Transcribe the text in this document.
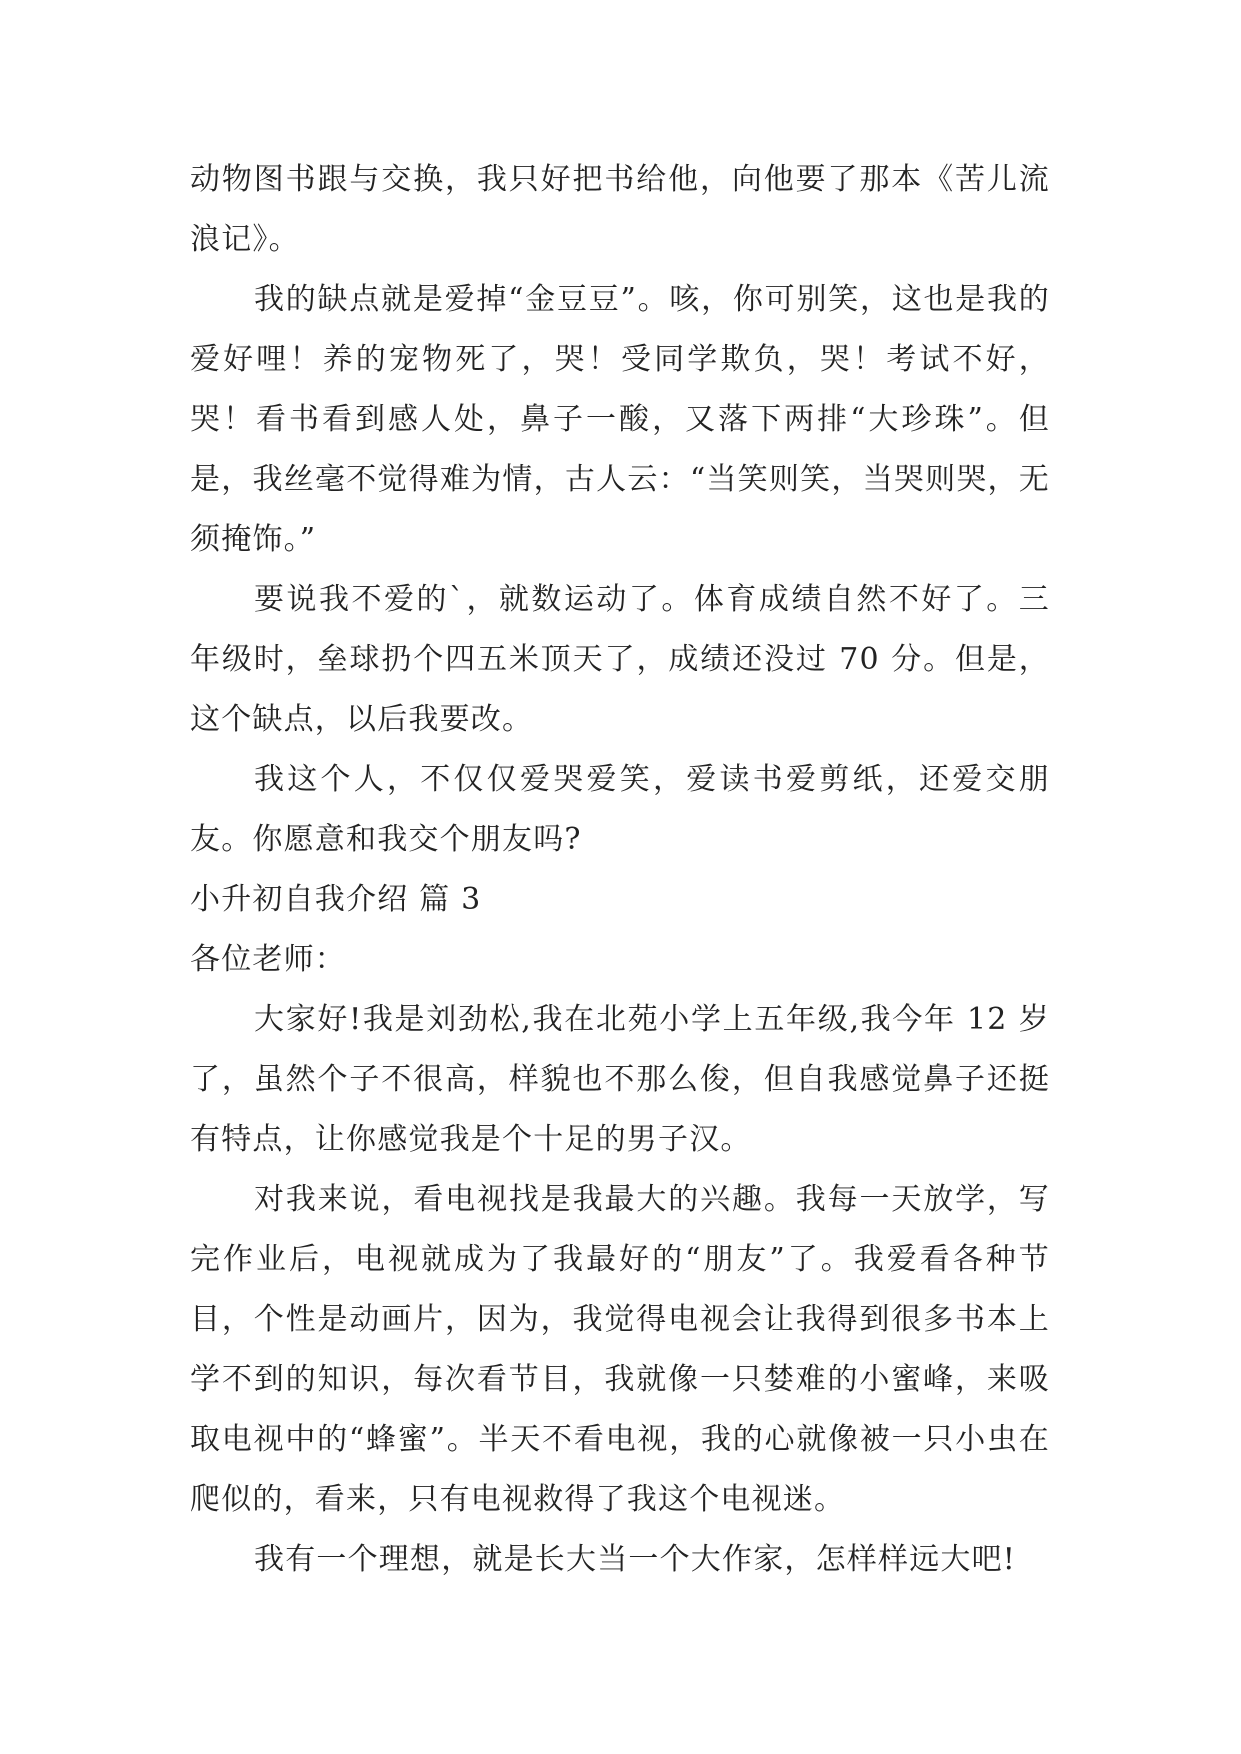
动物图书跟与交换，我只好把书给他，向他要了那本《苦儿流浪记》。

我的缺点就是爱掉“金豆豆”。咳，你可别笑，这也是我的爱好哩！养的宠物死了，哭！受同学欺负，哭！考试不好，哭！看书看到感人处，鼻子一酸，又落下两排“大珍珠”。但是，我丝毫不觉得难为情，古人云：“当笑则笑，当哭则哭，无须掩饰。”

要说我不爱的`，就数运动了。体育成绩自然不好了。三年级时，垒球扔个四五米顶天了，成绩还没过 70 分。但是，这个缺点，以后我要改。

我这个人，不仅仅爱哭爱笑，爱读书爱剪纸，还爱交朋友。你愿意和我交个朋友吗?

小升初自我介绍 篇 3

各位老师：

大家好!我是刘劲松,我在北苑小学上五年级,我今年 12 岁了，虽然个子不很高，样貌也不那么俊，但自我感觉鼻子还挺有特点，让你感觉我是个十足的男子汉。

对我来说，看电视找是我最大的兴趣。我每一天放学，写完作业后，电视就成为了我最好的“朋友”了。我爱看各种节目，个性是动画片，因为，我觉得电视会让我得到很多书本上学不到的知识，每次看节目，我就像一只婪难的小蜜峰，来吸取电视中的“蜂蜜”。半天不看电视，我的心就像被一只小虫在爬似的，看来，只有电视救得了我这个电视迷。

我有一个理想，就是长大当一个大作家，怎样样远大吧!
